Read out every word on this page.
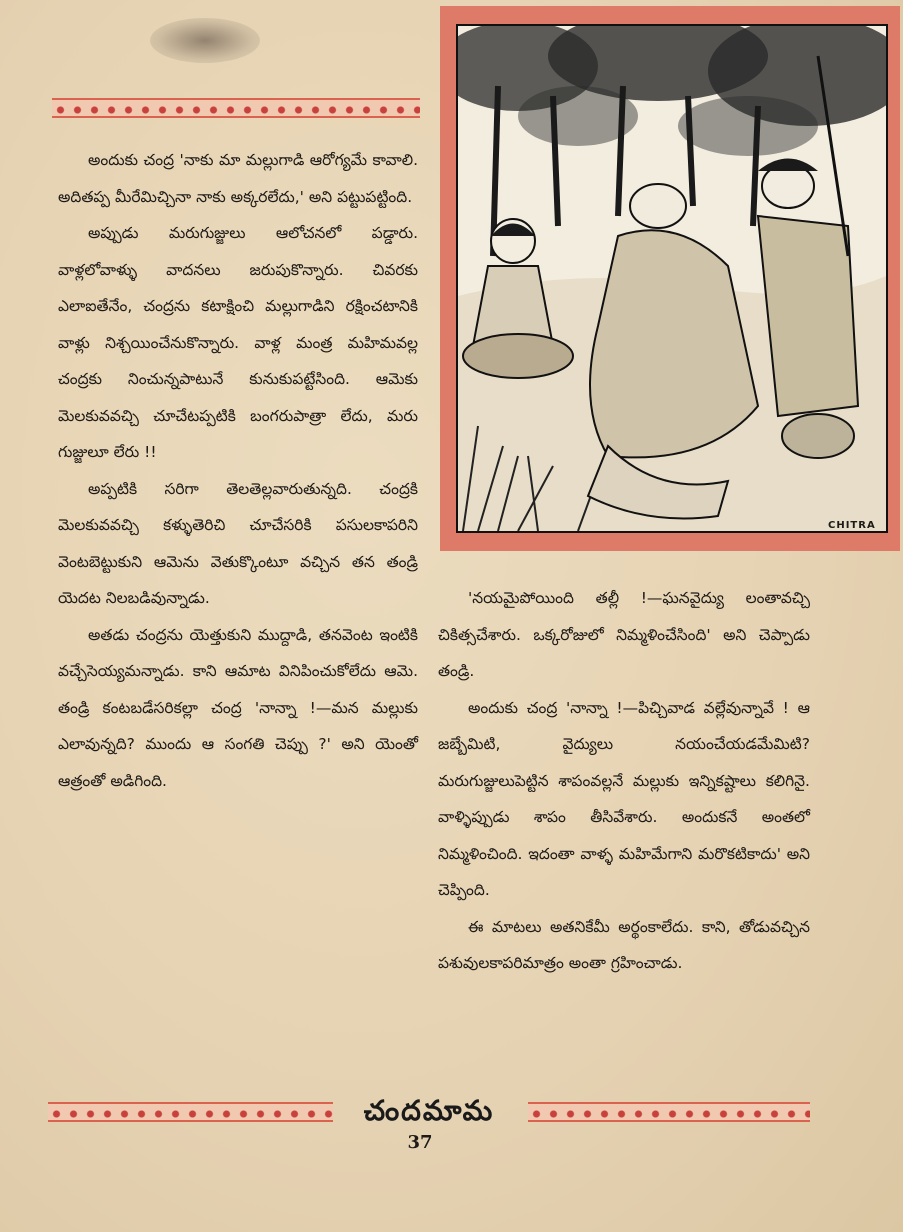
అందుకు చంద్ర 'నాకు మా మల్లుగాడి ఆరోగ్యమే కావాలి. అదితప్ప మీరేమిచ్చినా నాకు అక్కరలేదు,' అని పట్టుపట్టింది.

అప్పుడు మరుగుజ్జులు ఆలోచనలో పడ్డారు. వాళ్లలోవాళ్ళు వాదనలు జరుపుకొన్నారు. చివరకు ఎలాఐతేనేం, చంద్రను కటాక్షించి మల్లుగాడిని రక్షించటానికి వాళ్లు నిశ్చయించేనుకొన్నారు. వాళ్ల మంత్ర మహిమవల్ల చంద్రకు నించున్నపాటునే కునుకుపట్టేసింది. ఆమెకు మెలకువవచ్చి చూచేటప్పటికి బంగరుపాత్రా లేదు, మరు గుజ్జులూ లేరు !!

అప్పటికి సరిగా తెలతెల్లవారుతున్నది. చంద్రకి మెలకువవచ్చి కళ్ళుతెరిచి చూచేసరికి పసులకాపరిని వెంటబెట్టుకుని ఆమెను వెతుక్కొంటూ వచ్చిన తన తండ్రి యెదట నిలబడివున్నాడు.

అతడు చంద్రను యెత్తుకుని ముద్దాడి, తనవెంట ఇంటికి వచ్చేసెయ్యమన్నాడు. కాని ఆమాట వినిపించుకోలేదు ఆమె. తండ్రి కంటబడేసరికల్లా చంద్ర 'నాన్నా !—మన మల్లుకు ఎలావున్నది? ముందు ఆ సంగతి చెప్పు ?' అని యెంతో ఆత్రంతో అడిగింది.

CHITRA

'నయమైపోయింది తల్లీ !—ఘనవైద్యు లంతావచ్చి చికిత్సచేశారు. ఒక్కరోజులో నిమ్మళించేసింది' అని చెప్పాడు తండ్రి.

అందుకు చంద్ర 'నాన్నా !—పిచ్చివాడ వల్లేవున్నావే ! ఆ జబ్బేమిటి, వైద్యులు నయంచేయడమేమిటి? మరుగుజ్జులుపెట్టిన శాపంవల్లనే మల్లుకు ఇన్నికష్టాలు కలిగినై. వాళ్ళిప్పుడు శాపం తీసివేశారు. అందుకనే అంతలో నిమ్మళించింది. ఇదంతా వాళ్ళ మహిమేగాని మరొకటికాదు' అని చెప్పింది.

ఈ మాటలు అతనికేమీ అర్థంకాలేదు. కాని, తోడువచ్చిన పశువులకాపరిమాత్రం అంతా గ్రహించాడు.

చందమామ
37
